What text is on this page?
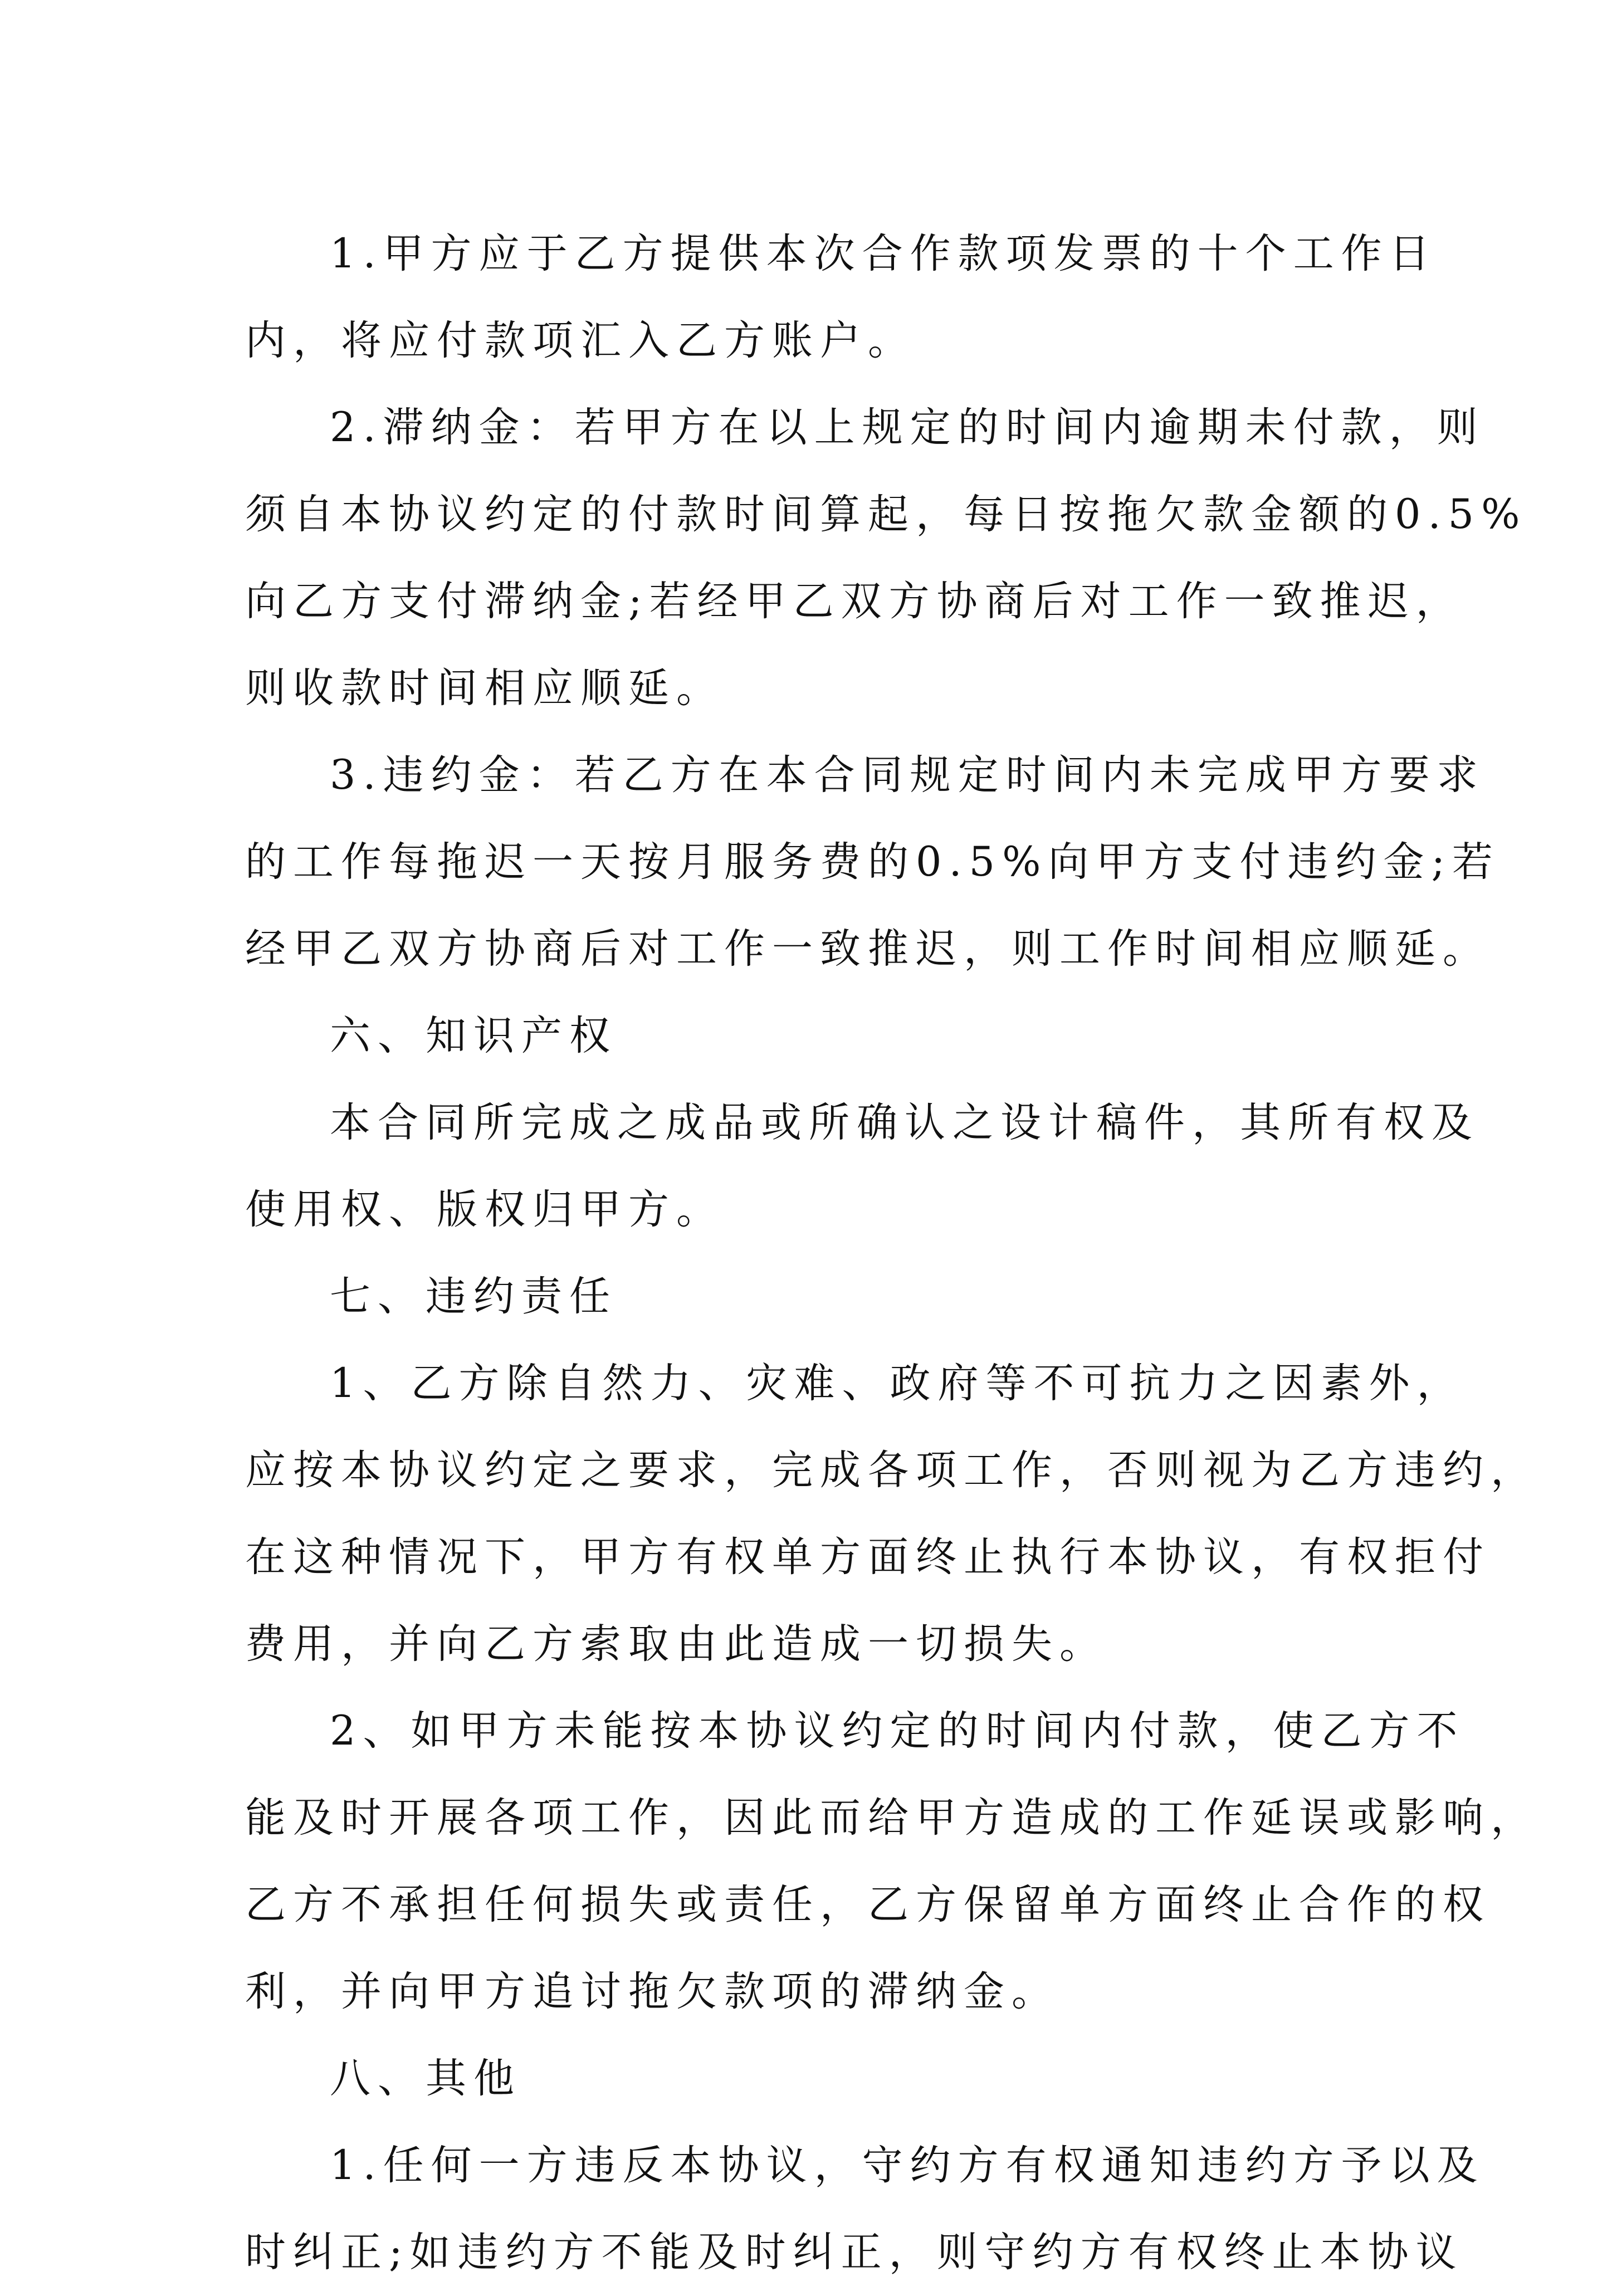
1.甲方应于乙方提供本次合作款项发票的十个工作日
内，将应付款项汇入乙方账户。
2.滞纳金：若甲方在以上规定的时间内逾期未付款，则
须自本协议约定的付款时间算起，每日按拖欠款金额的0.5%
向乙方支付滞纳金;若经甲乙双方协商后对工作一致推迟，
则收款时间相应顺延。
3.违约金：若乙方在本合同规定时间内未完成甲方要求
的工作每拖迟一天按月服务费的0.5%向甲方支付违约金;若
经甲乙双方协商后对工作一致推迟，则工作时间相应顺延。
六、知识产权
本合同所完成之成品或所确认之设计稿件，其所有权及
使用权、版权归甲方。
七、违约责任
1、乙方除自然力、灾难、政府等不可抗力之因素外，
应按本协议约定之要求，完成各项工作，否则视为乙方违约，
在这种情况下，甲方有权单方面终止执行本协议，有权拒付
费用，并向乙方索取由此造成一切损失。
2、如甲方未能按本协议约定的时间内付款，使乙方不
能及时开展各项工作，因此而给甲方造成的工作延误或影响，
乙方不承担任何损失或责任，乙方保留单方面终止合作的权
利，并向甲方追讨拖欠款项的滞纳金。
八、其他
1.任何一方违反本协议，守约方有权通知违约方予以及
时纠正;如违约方不能及时纠正，则守约方有权终止本协议
